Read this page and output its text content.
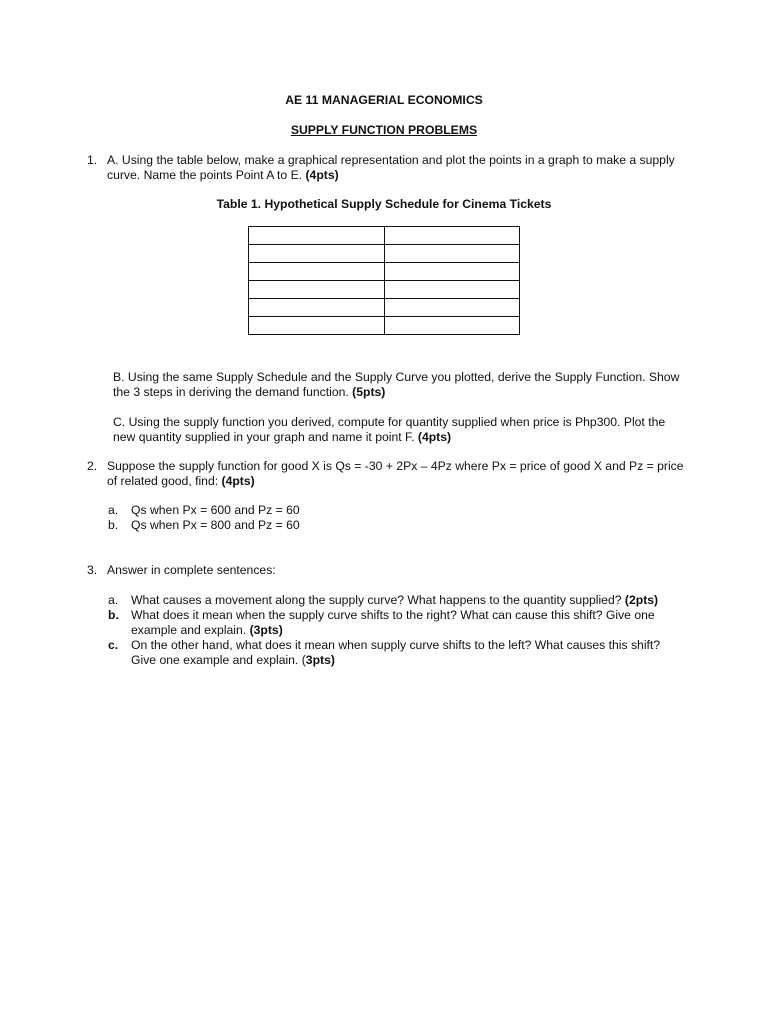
AE 11 MANAGERIAL ECONOMICS
SUPPLY FUNCTION PROBLEMS
1. A. Using the table below, make a graphical representation and plot the points in a graph to make a supply
curve. Name the points Point A to E. (4pts)
Table 1. Hypothetical Supply Schedule for Cinema Tickets

B. Using the same Supply Schedule and the Supply Curve you plotted, derive the Supply Function. Show
the 3 steps in deriving the demand function. (5pts)
C. Using the supply function you derived, compute for quantity supplied when price is Php300. Plot the
new quantity supplied in your graph and name it point F. (4pts)
2. Suppose the supply function for good X is Qs = -30 + 2Px – 4Pz where Px = price of good X and Pz = price
of related good, find: (4pts)
a. Qs when Px = 600 and Pz = 60
b. Qs when Px = 800 and Pz = 60
3. Answer in complete sentences:
a. What causes a movement along the supply curve? What happens to the quantity supplied? (2pts)
b. What does it mean when the supply curve shifts to the right? What can cause this shift? Give one
example and explain. (3pts)
c. On the other hand, what does it mean when supply curve shifts to the left? What causes this shift?
Give one example and explain. (3pts)
